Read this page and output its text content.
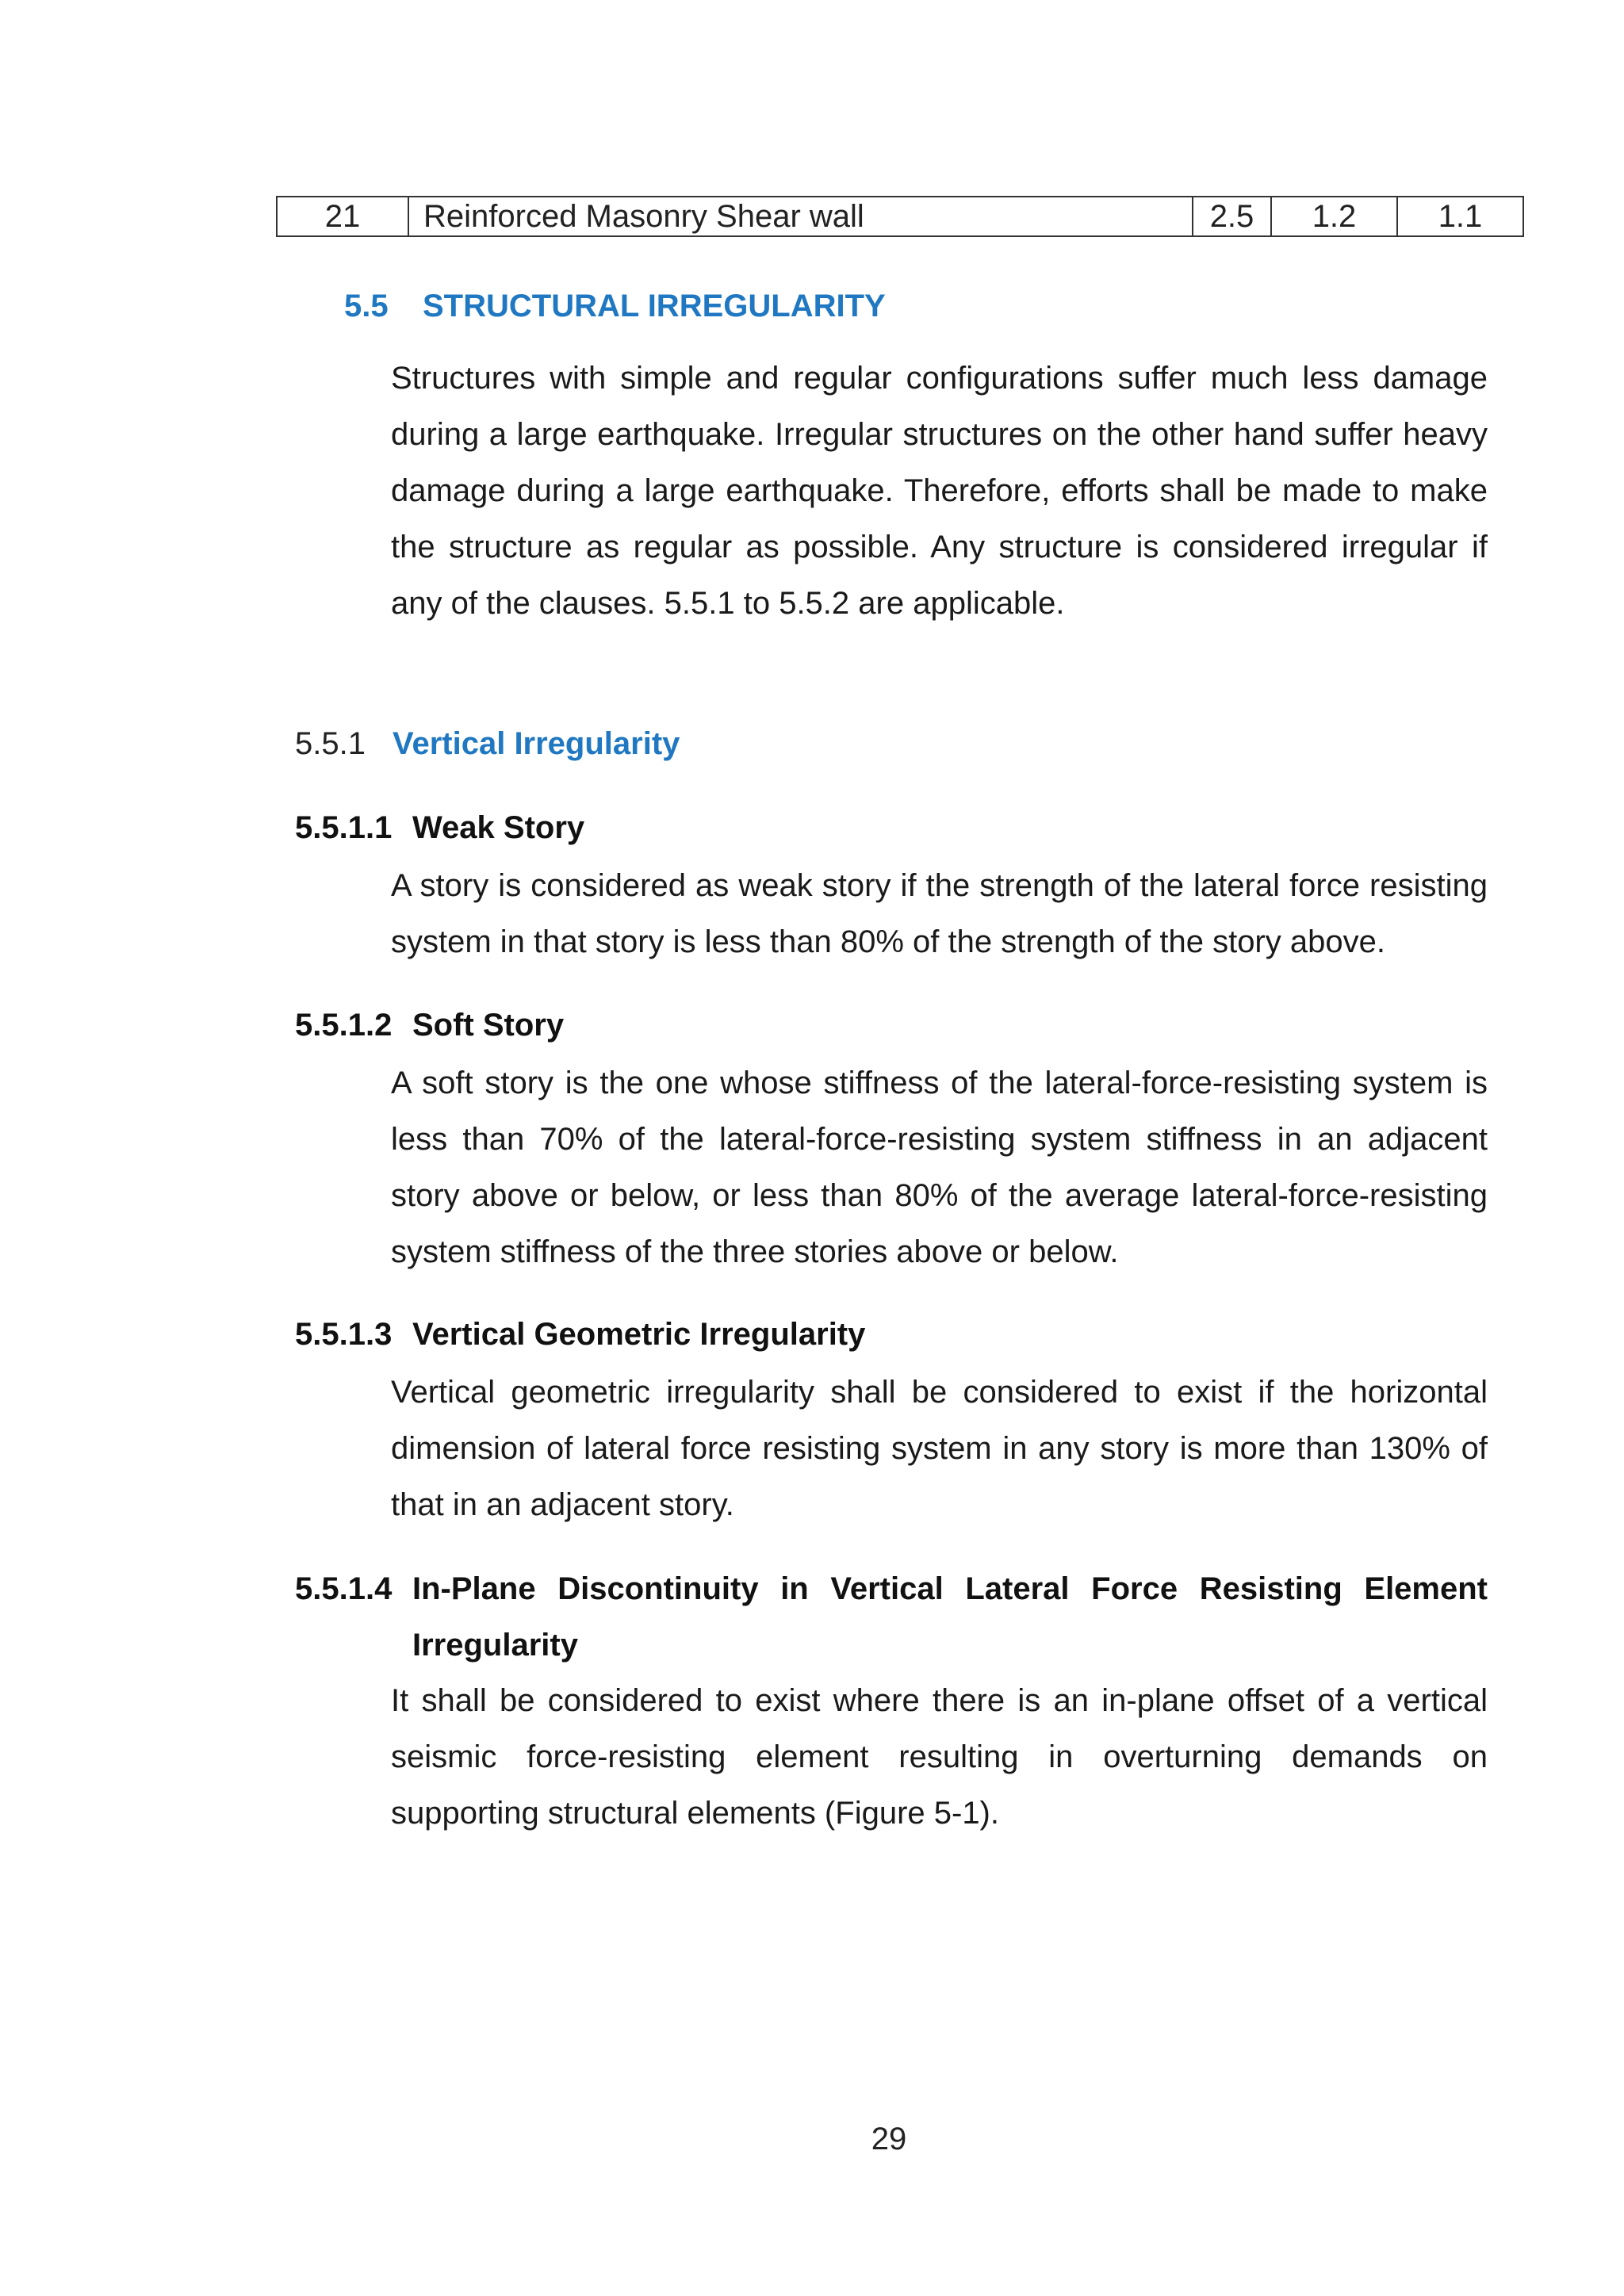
21	Reinforced Masonry Shear wall	2.5	1.2	1.1
5.5 STRUCTURAL IRREGULARITY

Structures with simple and regular configurations suffer much less damage during a large earthquake. Irregular structures on the other hand suffer heavy damage during a large earthquake. Therefore, efforts shall be made to make the structure as regular as possible. Any structure is considered irregular if any of the clauses. 5.5.1 to 5.5.2 are applicable.

5.5.1 Vertical Irregularity
5.5.1.1 Weak Story

A story is considered as weak story if the strength of the lateral force resisting system in that story is less than 80% of the strength of the story above.

5.5.1.2 Soft Story

A soft story is the one whose stiffness of the lateral-force-resisting system is less than 70% of the lateral-force-resisting system stiffness in an adjacent story above or below, or less than 80% of the average lateral-force-resisting system stiffness of the three stories above or below.

5.5.1.3 Vertical Geometric Irregularity

Vertical geometric irregularity shall be considered to exist if the horizontal dimension of lateral force resisting system in any story is more than 130% of that in an adjacent story.

5.5.1.4 In-Plane Discontinuity in Vertical Lateral Force Resisting Element Irregularity

It shall be considered to exist where there is an in-plane offset of a vertical seismic force-resisting element resulting in overturning demands on supporting structural elements (Figure 5-1).

29
